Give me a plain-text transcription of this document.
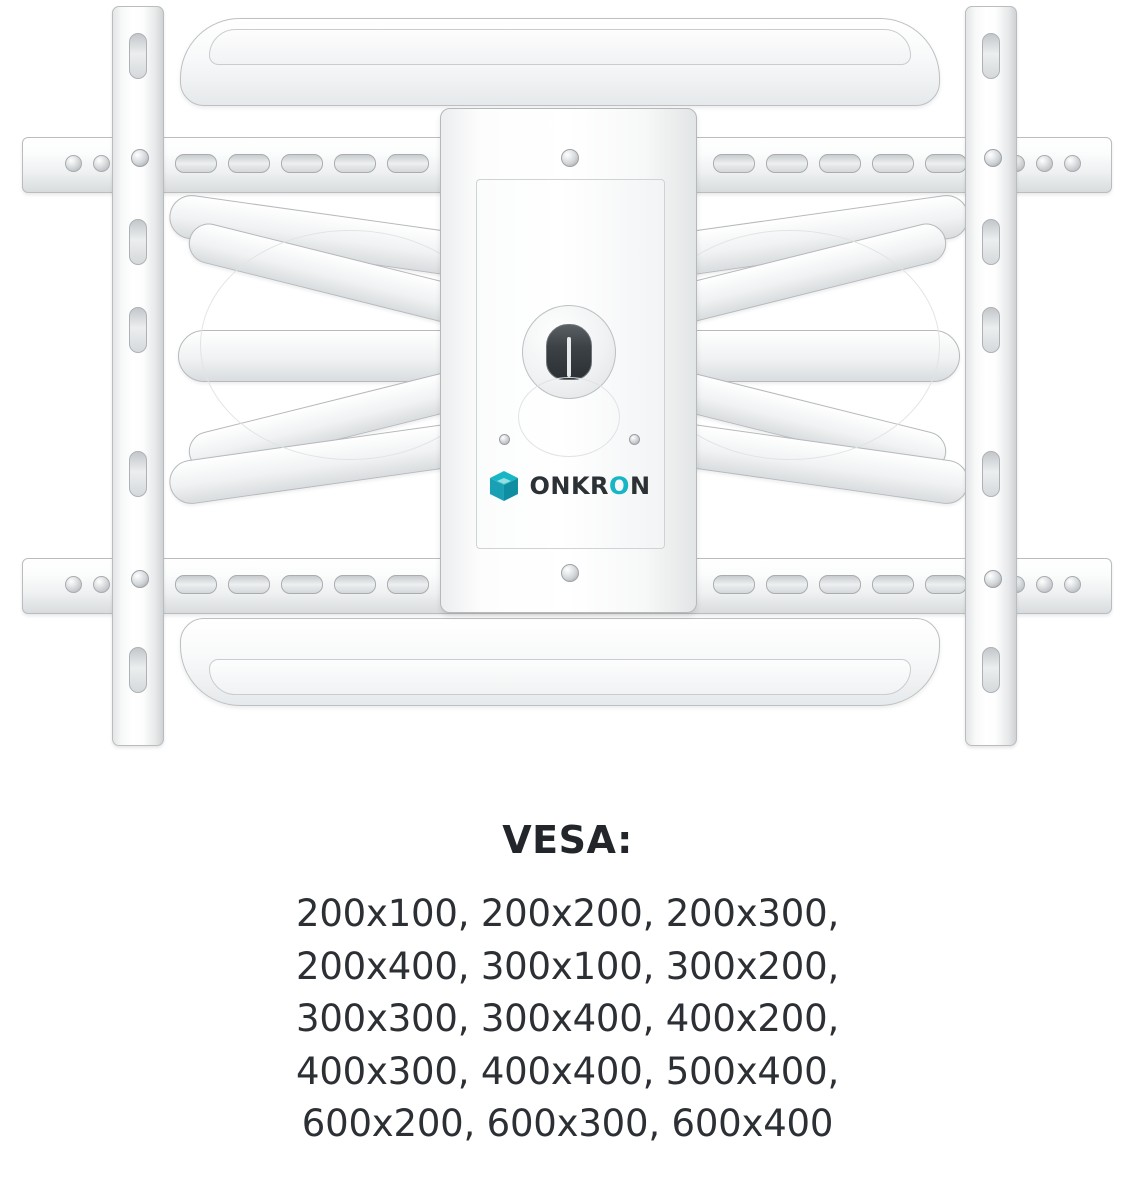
ONKRON
VESA:
200x100, 200x200, 200x300,
200x400, 300x100, 300x200,
300x300, 300x400, 400x200,
400x300, 400x400, 500x400,
600x200, 600x300, 600x400
